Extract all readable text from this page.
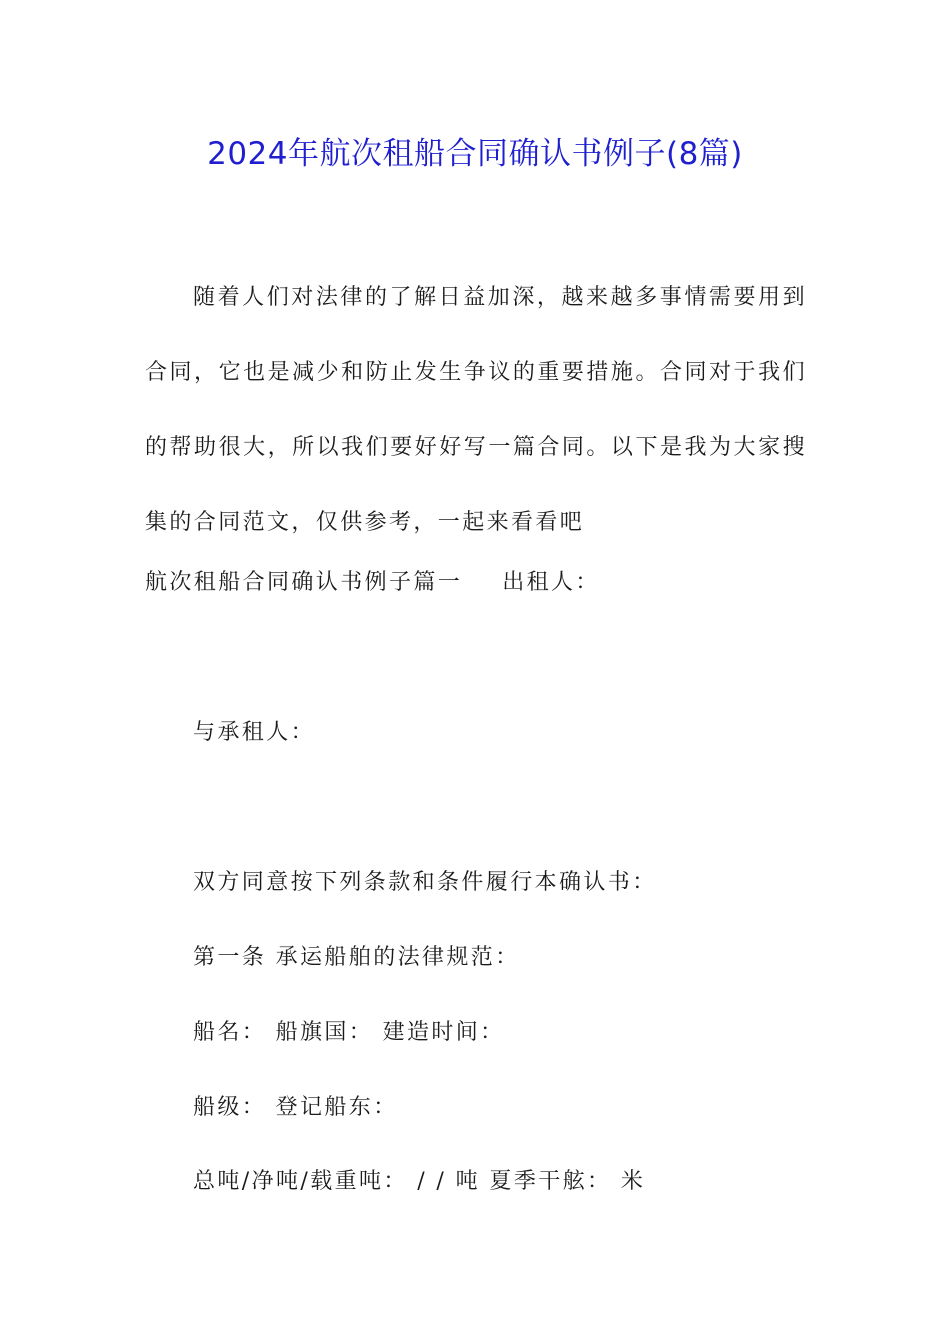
2024年航次租船合同确认书例子(8篇)

随着人们对法律的了解日益加深，越来越多事情需要用到合同，它也是减少和防止发生争议的重要措施。合同对于我们的帮助很大，所以我们要好好写一篇合同。以下是我为大家搜集的合同范文，仅供参考，一起来看看吧

航次租船合同确认书例子篇一 出租人：
与承租人：
双方同意按下列条款和条件履行本确认书：
第一条 承运船舶的法律规范：
船名： 船旗国： 建造时间：
船级： 登记船东：
总吨/净吨/载重吨： / / 吨 夏季干舷： 米
